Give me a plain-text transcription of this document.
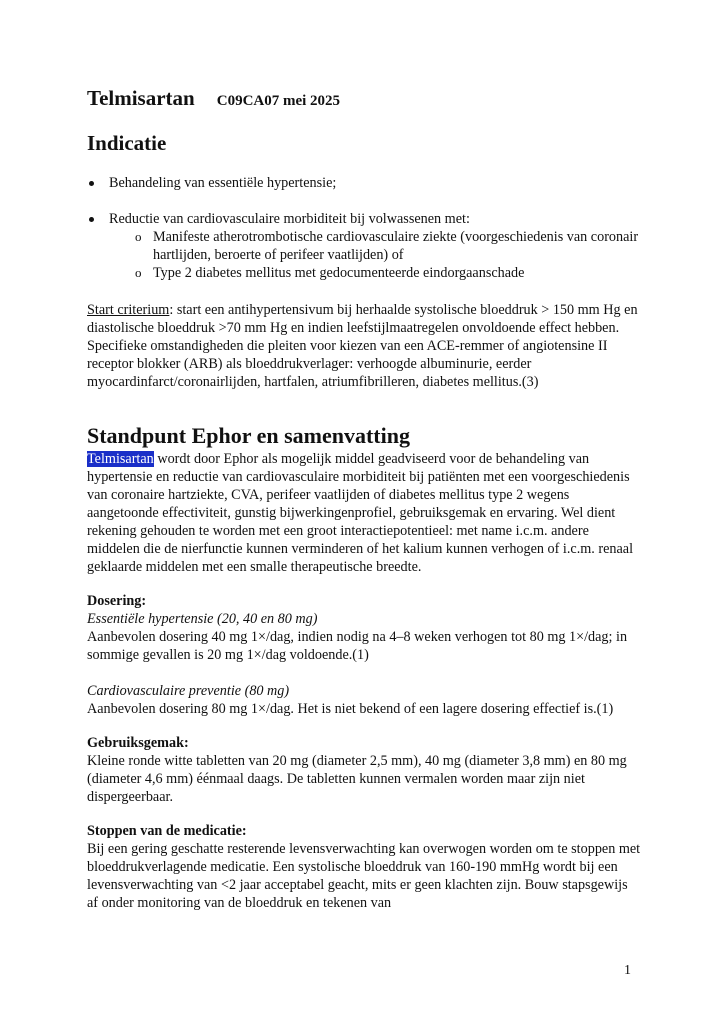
Telmisartan C09CA07 mei 2025
Indicatie
Behandeling van essentiële hypertensie;
Reductie van cardiovasculaire morbiditeit bij volwassenen met:
o Manifeste atherotrombotische cardiovasculaire ziekte (voorgeschiedenis van coronair hartlijden, beroerte of perifeer vaatlijden) of
o Type 2 diabetes mellitus met gedocumenteerde eindorgaanschade

Start criterium: start een antihypertensivum bij herhaalde systolische bloeddruk > 150 mm Hg en diastolische bloeddruk >70 mm Hg en indien leefstijlmaatregelen onvoldoende effect hebben. Specifieke omstandigheden die pleiten voor kiezen van een ACE-remmer of angiotensine II receptor blokker (ARB) als bloeddrukverlager: verhoogde albuminurie, eerder myocardinfarct/coronairlijden, hartfalen, atriumfibrilleren, diabetes mellitus.(3)

Standpunt Ephor en samenvatting

Telmisartan wordt door Ephor als mogelijk middel geadviseerd voor de behandeling van hypertensie en reductie van cardiovasculaire morbiditeit bij patiënten met een voorgeschiedenis van coronaire hartziekte, CVA, perifeer vaatlijden of diabetes mellitus type 2 wegens aangetoonde effectiviteit, gunstig bijwerkingenprofiel, gebruiksgemak en ervaring. Wel dient rekening gehouden te worden met een groot interactiepotentieel: met name i.c.m. andere middelen die de nierfunctie kunnen verminderen of het kalium kunnen verhogen of i.c.m. renaal geklaarde middelen met een smalle therapeutische breedte.

Dosering:

Essentiële hypertensie (20, 40 en 80 mg)

Aanbevolen dosering 40 mg 1×/dag, indien nodig na 4–8 weken verhogen tot 80 mg 1×/dag; in sommige gevallen is 20 mg 1×/dag voldoende.(1)

Cardiovasculaire preventie (80 mg)

Aanbevolen dosering 80 mg 1×/dag. Het is niet bekend of een lagere dosering effectief is.(1)

Gebruiksgemak:

Kleine ronde witte tabletten van 20 mg (diameter 2,5 mm), 40 mg (diameter 3,8 mm) en 80 mg (diameter 4,6 mm) éénmaal daags. De tabletten kunnen vermalen worden maar zijn niet dispergeerbaar.

Stoppen van de medicatie:

Bij een gering geschatte resterende levensverwachting kan overwogen worden om te stoppen met bloeddrukverlagende medicatie. Een systolische bloeddruk van 160-190 mmHg wordt bij een levensverwachting van <2 jaar acceptabel geacht, mits er geen klachten zijn. Bouw stapsgewijs af onder monitoring van de bloeddruk en tekenen van

1
